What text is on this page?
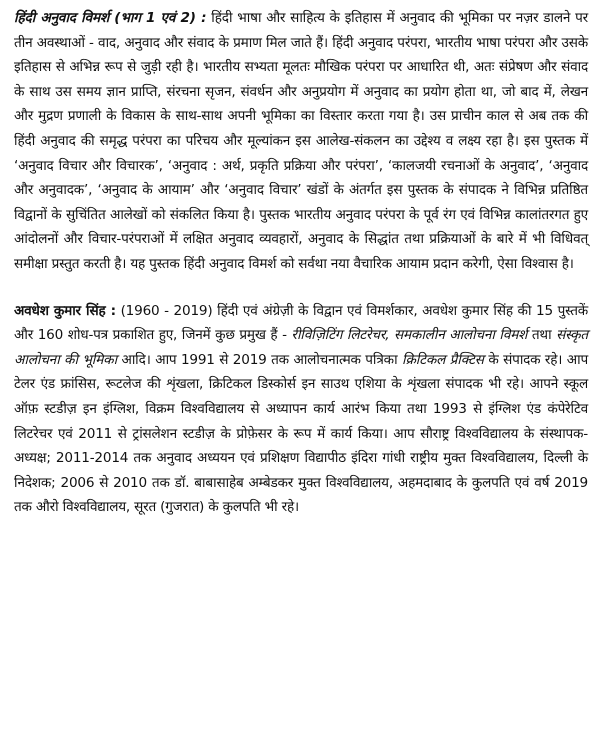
हिंदी अनुवाद विमर्श (भाग 1 एवं 2) : हिंदी भाषा और साहित्य के इतिहास में अनुवाद की भूमिका पर नज़र डालने पर तीन अवस्थाओं - वाद, अनुवाद और संवाद के प्रमाण मिल जाते हैं। हिंदी अनुवाद परंपरा, भारतीय भाषा परंपरा और उसके इतिहास से अभिन्न रूप से जुड़ी रही है। भारतीय सभ्यता मूलतः मौखिक परंपरा पर आधारित थी, अतः संप्रेषण और संवाद के साथ उस समय ज्ञान प्राप्ति, संरचना सृजन, संवर्धन और अनुप्रयोग में अनुवाद का प्रयोग होता था, जो बाद में, लेखन और मुद्रण प्रणाली के विकास के साथ-साथ अपनी भूमिका का विस्तार करता गया है। उस प्राचीन काल से अब तक की हिंदी अनुवाद की समृद्ध परंपरा का परिचय और मूल्यांकन इस आलेख-संकलन का उद्देश्य व लक्ष्य रहा है। इस पुस्तक में ‘अनुवाद विचार और विचारक’, ‘अनुवाद : अर्थ, प्रकृति प्रक्रिया और परंपरा’, ‘कालजयी रचनाओं के अनुवाद’, ‘अनुवाद और अनुवादक’, ‘अनुवाद के आयाम’ और ‘अनुवाद विचार’ खंडों के अंतर्गत इस पुस्तक के संपादक ने विभिन्न प्रतिष्ठित विद्वानों के सुचिंतित आलेखों को संकलित किया है। पुस्तक भारतीय अनुवाद परंपरा के पूर्व रंग एवं विभिन्न कालांतरगत हुए आंदोलनों और विचार-परंपराओं में लक्षित अनुवाद व्यवहारों, अनुवाद के सिद्धांत तथा प्रक्रियाओं के बारे में भी विधिवत् समीक्षा प्रस्तुत करती है। यह पुस्तक हिंदी अनुवाद विमर्श को सर्वथा नया वैचारिक आयाम प्रदान करेगी, ऐसा विश्वास है।

अवधेश कुमार सिंह : (1960 - 2019) हिंदी एवं अंग्रेज़ी के विद्वान एवं विमर्शकार, अवधेश कुमार सिंह की 15 पुस्तकें और 160 शोध-पत्र प्रकाशित हुए, जिनमें कुछ प्रमुख हैं - रीविज़िटिंग लिटरेचर, समकालीन आलोचना विमर्श तथा संस्कृत आलोचना की भूमिका आदि। आप 1991 से 2019 तक आलोचनात्मक पत्रिका क्रिटिकल प्रैक्टिस के संपादक रहे। आप टेलर एंड फ्रांसिस, रूटलेज की शृंखला, क्रिटिकल डिस्कोर्स इन साउथ एशिया के शृंखला संपादक भी रहे। आपने स्कूल ऑफ़ स्टडीज़ इन इंग्लिश, विक्रम विश्वविद्यालय से अध्यापन कार्य आरंभ किया तथा 1993 से इंग्लिश एंड कंपेरेटिव लिटरेचर एवं 2011 से ट्रांसलेशन स्टडीज़ के प्रोफ़ेसर के रूप में कार्य किया। आप सौराष्ट्र विश्वविद्यालय के संस्थापक-अध्यक्ष; 2011-2014 तक अनुवाद अध्ययन एवं प्रशिक्षण विद्यापीठ इंदिरा गांधी राष्ट्रीय मुक्त विश्वविद्यालय, दिल्ली के निदेशक; 2006 से 2010 तक डॉ. बाबासाहेब अम्बेडकर मुक्त विश्वविद्यालय, अहमदाबाद के कुलपति एवं वर्ष 2019 तक औरो विश्वविद्यालय, सूरत (गुजरात) के कुलपति भी रहे।
